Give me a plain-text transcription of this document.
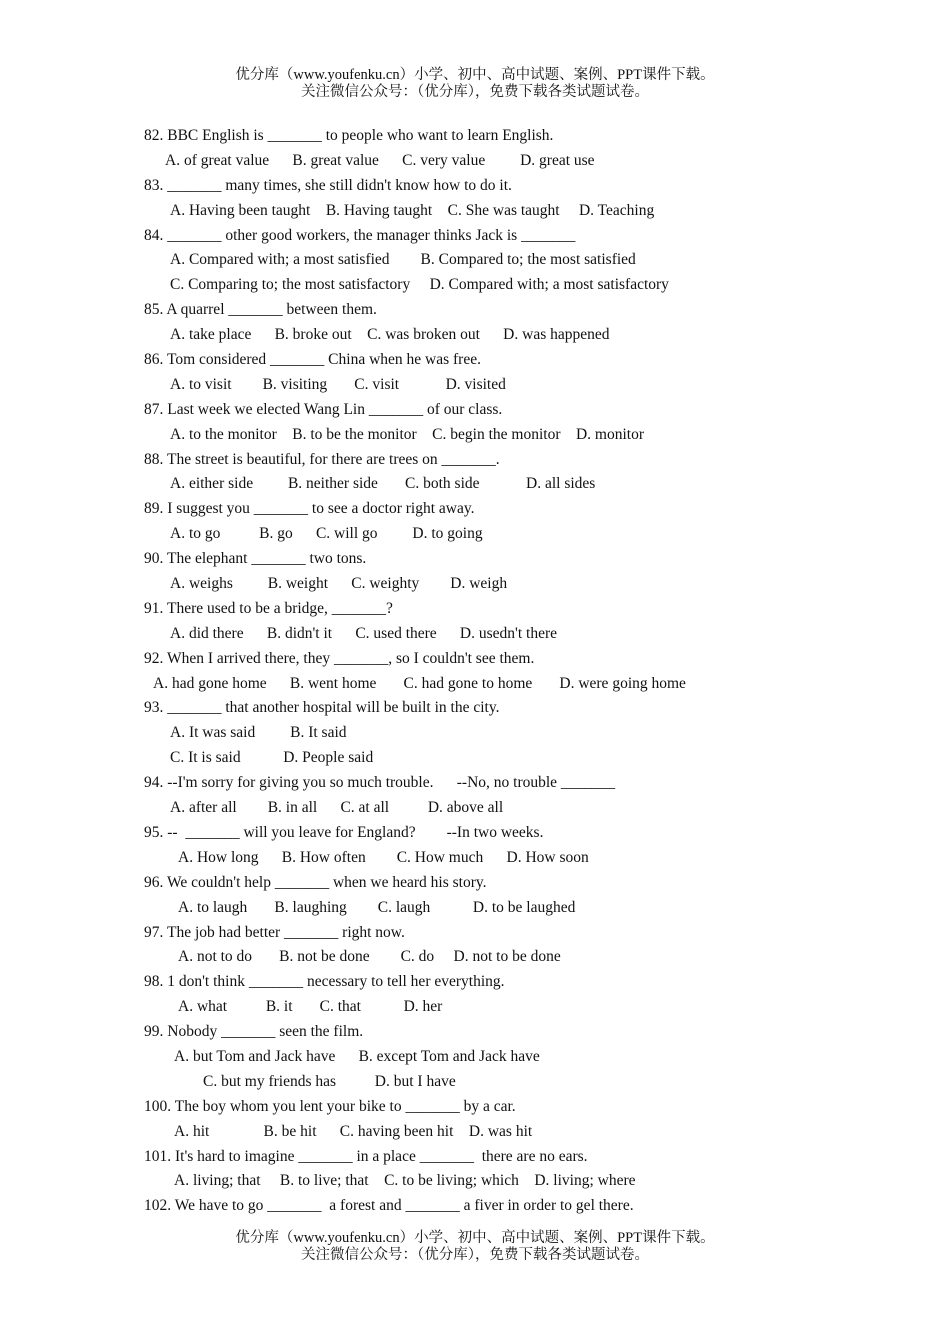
优分库（www.youfenku.cn）小学、初中、高中试题、案例、PPT课件下载。
关注微信公众号：（优分库），免费下载各类试题试卷。
82. BBC English is _______ to people who want to learn English.
A. of great value      B. great value      C. very value         D. great use
83. _______ many times, she still didn't know how to do it.
A. Having been taught    B. Having taught    C. She was taught     D. Teaching
84. _______ other good workers, the manager thinks Jack is _______
A. Compared with; a most satisfied        B. Compared to; the most satisfied
C. Comparing to; the most satisfactory     D. Compared with; a most satisfactory
85. A quarrel _______ between them.
A. take place      B. broke out    C. was broken out      D. was happened
86. Tom considered _______ China when he was free.
A. to visit        B. visiting       C. visit            D. visited
87. Last week we elected Wang Lin _______ of our class.
A. to the monitor    B. to be the monitor    C. begin the monitor    D. monitor
88. The street is beautiful, for there are trees on _______.
A. either side         B. neither side       C. both side            D. all sides
89. I suggest you _______ to see a doctor right away.
A. to go          B. go      C. will go         D. to going
90. The elephant _______ two tons.
A. weighs         B. weight      C. weighty        D. weigh
91. There used to be a bridge, _______?
A. did there      B. didn't it      C. used there      D. usedn't there
92. When I arrived there, they _______, so I couldn't see them.
A. had gone home      B. went home       C. had gone to home       D. were going home
93. _______ that another hospital will be built in the city.
A. It was said         B. It said
C. It is said           D. People said
94. --I'm sorry for giving you so much trouble.      --No, no trouble _______
A. after all        B. in all      C. at all          D. above all
95. --  _______ will you leave for England?        --In two weeks.
A. How long      B. How often        C. How much      D. How soon
96. We couldn't help _______ when we heard his story.
A. to laugh       B. laughing        C. laugh           D. to be laughed
97. The job had better _______ right now.
A. not to do       B. not be done        C. do     D. not to be done
98. 1 don't think _______ necessary to tell her everything.
A. what          B. it       C. that           D. her
99. Nobody _______ seen the film.
A. but Tom and Jack have      B. except Tom and Jack have
C. but my friends has          D. but I have
100. The boy whom you lent your bike to _______ by a car.
A. hit              B. be hit      C. having been hit    D. was hit
101. It's hard to imagine _______ in a place _______  there are no ears.
A. living; that     B. to live; that    C. to be living; which    D. living; where
102. We have to go _______  a forest and _______ a fiver in order to gel there.
优分库（www.youfenku.cn）小学、初中、高中试题、案例、PPT课件下载。
关注微信公众号：（优分库），免费下载各类试题试卷。
